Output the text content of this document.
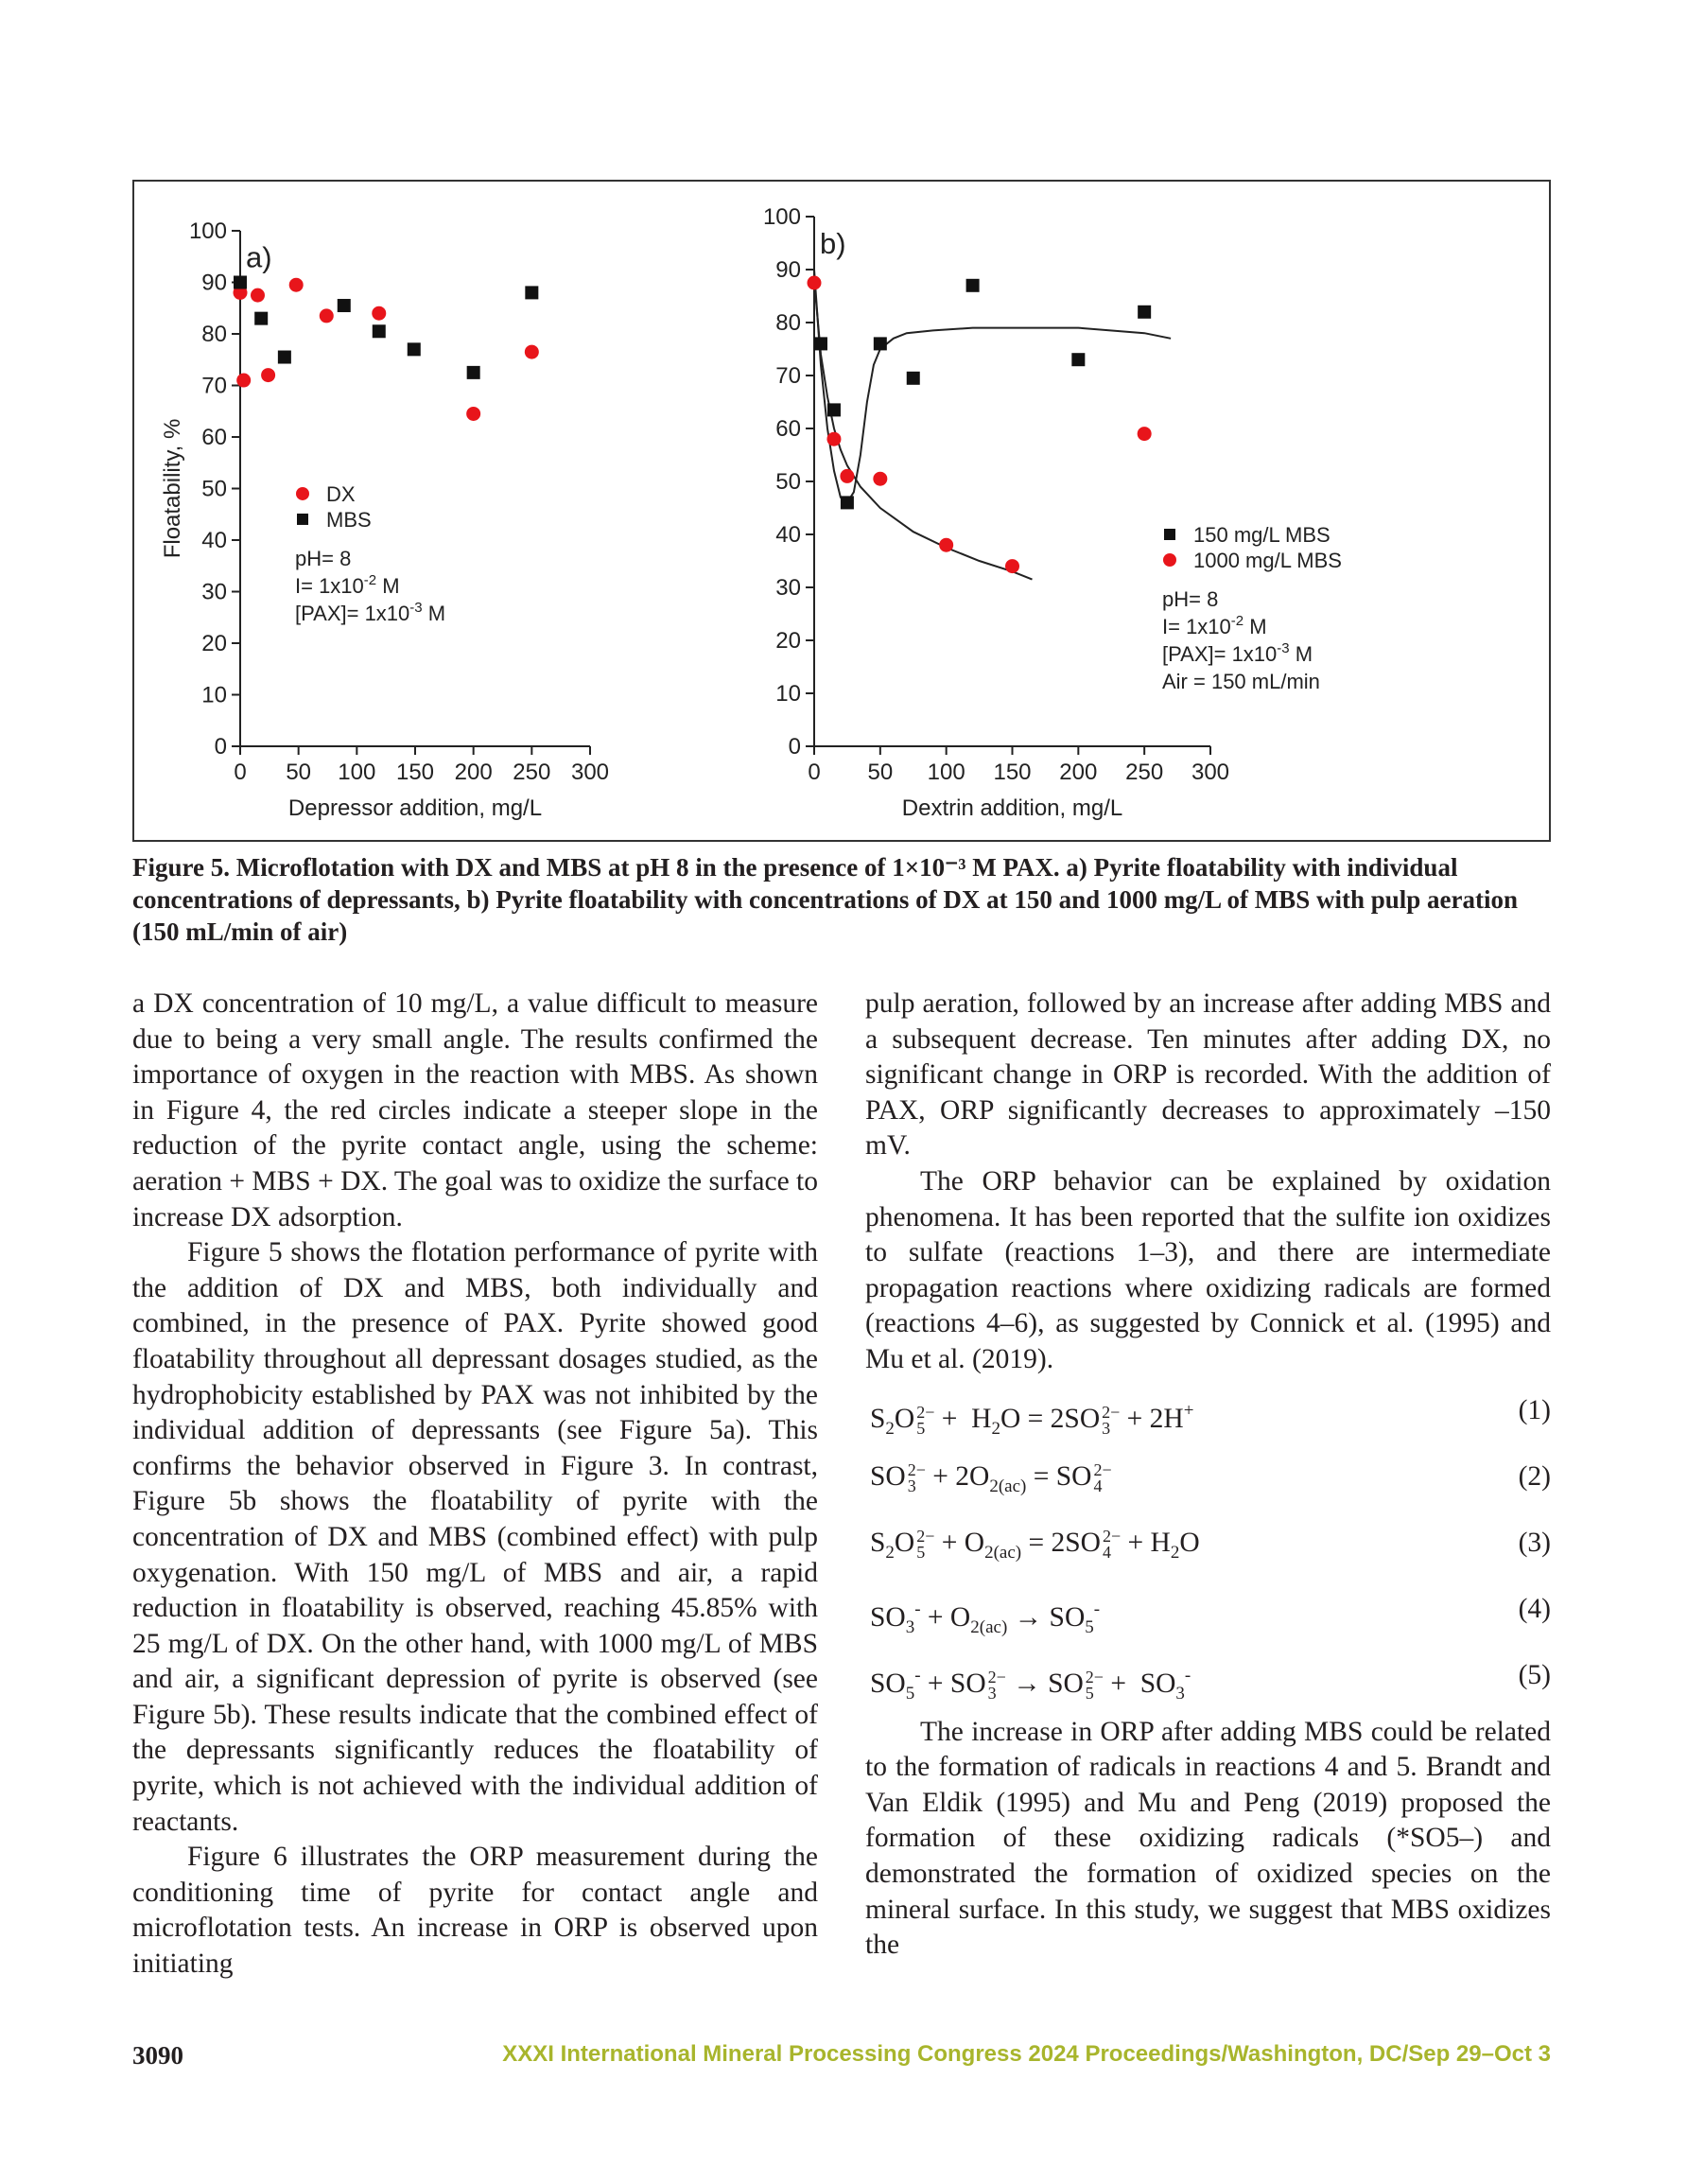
0
10
20
30
40
50
60
70
80
90
100
0 50 100 150 200 250 300
Depressor addition, mg/L
Floatability, %
a)
DX
MBS
pH= 8
$I= 1x10^{-2}$ M
$[PAX]= 1x10^{-3}$ M
0
10
20
30
40
50
60
70
80
90
100
0 50 100 150 200 250 300
Dextrin addition, mg/L
b)
150 mg/L MBS
1000 mg/L MBS
pH= 8
$I= 1x10^{-2}$ M
$[PAX]= 1x10^{-3}$ M
Air = 150 mL/min
Figure 5. Microflotation with DX and MBS at pH 8 in the presence of 1×10⁻³ M PAX. a) Pyrite floatability with individual concentrations of depressants, b) Pyrite floatability with concentrations of DX at 150 and 1000 mg/L of MBS with pulp aeration (150 mL/min of air)

a DX concentration of 10 mg/L, a value difficult to measure due to being a very small angle. The results confirmed the importance of oxygen in the reaction with MBS. As shown in Figure 4, the red circles indicate a steeper slope in the reduction of the pyrite contact angle, using the scheme: aeration + MBS + DX. The goal was to oxidize the surface to increase DX adsorption.

Figure 5 shows the flotation performance of pyrite with the addition of DX and MBS, both individually and combined, in the presence of PAX. Pyrite showed good floatability throughout all depressant dosages studied, as the hydrophobicity established by PAX was not inhibited by the individual addition of depressants (see Figure 5a). This confirms the behavior observed in Figure 3. In contrast, Figure 5b shows the floatability of pyrite with the concentration of DX and MBS (combined effect) with pulp oxygenation. With 150 mg/L of MBS and air, a rapid reduction in floatability is observed, reaching 45.85% with 25 mg/L of DX. On the other hand, with 1000 mg/L of MBS and air, a significant depression of pyrite is observed (see Figure 5b). These results indicate that the combined effect of the depressants significantly reduces the floatability of pyrite, which is not achieved with the individual addition of reactants.

Figure 6 illustrates the ORP measurement during the conditioning time of pyrite for contact angle and microflotation tests. An increase in ORP is observed upon initiating

pulp aeration, followed by an increase after adding MBS and a subsequent decrease. Ten minutes after adding DX, no significant change in ORP is recorded. With the addition of PAX, ORP significantly decreases to approximately –150 mV.

The ORP behavior can be explained by oxidation phenomena. It has been reported that the sulfite ion oxidizes to sulfate (reactions 1–3), and there are intermediate propagation reactions where oxidizing radicals are formed (reactions 4–6), as suggested by Connick et al. (1995) and Mu et al. (2019).

$S_2O$ 2−
$5 + H_2O = 2SO$ 2−
3 + 2H+	(1)
SO 2−
$3 + 2O_{2(ac)}$ = SO 2−
4	(2)
$S_2O$ 2−
$5 + O_{2(ac)} = 2SO$ 2−
$4 + H_2O$	(3)
$SO_3^- + O_{2(ac)} \to SO_5^-$	(4)
$SO_5^-$ + SO 2−
3 → SO 2−
$5 + SO_3^-$	(5)

The increase in ORP after adding MBS could be related to the formation of radicals in reactions 4 and 5. Brandt and Van Eldik (1995) and Mu and Peng (2019) proposed the formation of these oxidizing radicals (*SO5–) and demonstrated the formation of oxidized species on the mineral surface. In this study, we suggest that MBS oxidizes the

3090	XXXI International Mineral Processing Congress 2024 Proceedings/Washington, DC/Sep 29–Oct 3
